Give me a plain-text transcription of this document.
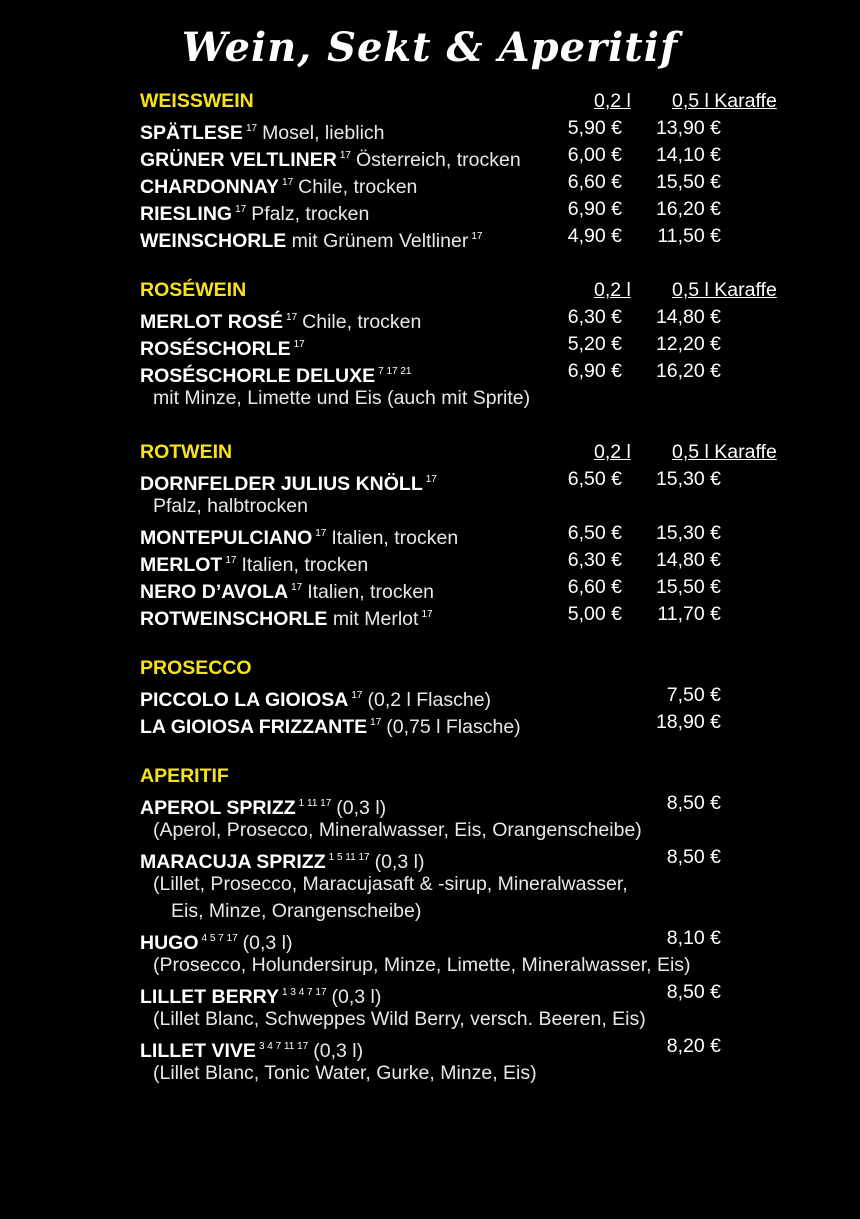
Wein, Sekt & Aperitif
WEISSWEIN	0,2 l 0,5 l Karaffe
SPÄTLESE $^{17}$ Mosel, lieblich	5,90 € 13,90 €
GRÜNER VELTLINER $^{17}$ Österreich, trocken 6,00 € 14,10 €
CHARDONNAY $^{17}$ Chile, trocken	6,60 € 15,50 €
RIESLING $^{17}$ Pfalz, trocken	6,90 € 16,20 €
WEINSCHORLE mit Grünem Veltliner $^{17}$	4,90 € 11,50 €
ROSÉWEIN	0,2 l 0,5 l Karaffe
MERLOT ROSÉ $^{17}$ Chile, trocken	6,30 € 14,80 €
ROSÉSCHORLE $^{17}$	5,20 € 12,20 €
ROSÉSCHORLE DELUXE $^{7 17 21}$	6,90 € 16,20 €
mit Minze, Limette und Eis (auch mit Sprite)
ROTWEIN	0,2 l 0,5 l Karaffe
DORNFELDER JULIUS KNÖLL $^{17}$	6,50 € 15,30 €
Pfalz, halbtrocken
MONTEPULCIANO $^{17}$ Italien, trocken	6,50 € 15,30 €
MERLOT $^{17}$ Italien, trocken	6,30 € 14,80 €
NERO D’AVOLA $^{17}$ Italien, trocken	6,60 € 15,50 €
ROTWEINSCHORLE mit Merlot $^{17}$	5,00 € 11,70 €
PROSECCO
PICCOLO LA GIOIOSA $^{17}$ (0,2 l Flasche)	7,50 €
LA GIOIOSA FRIZZANTE $^{17}$ (0,75 l Flasche)	18,90 €
APERITIF
APEROL SPRIZZ $^{1 11 17}$ (0,3 l)	8,50 €
(Aperol, Prosecco, Mineralwasser, Eis, Orangenscheibe)
MARACUJA SPRIZZ $^{1 5 11 17}$ (0,3 l)	8,50 €
(Lillet, Prosecco, Maracujasaft & -sirup, Mineralwasser,
Eis, Minze, Orangenscheibe)
HUGO $^{4 5 7 17}$ (0,3 l)	8,10 €
(Prosecco, Holundersirup, Minze, Limette, Mineralwasser, Eis)
LILLET BERRY $^{1 3 4 7 17}$ (0,3 l)	8,50 €
(Lillet Blanc, Schweppes Wild Berry, versch. Beeren, Eis)
LILLET VIVE $^{3 4 7 11 17}$ (0,3 l)	8,20 €
(Lillet Blanc, Tonic Water, Gurke, Minze, Eis)
